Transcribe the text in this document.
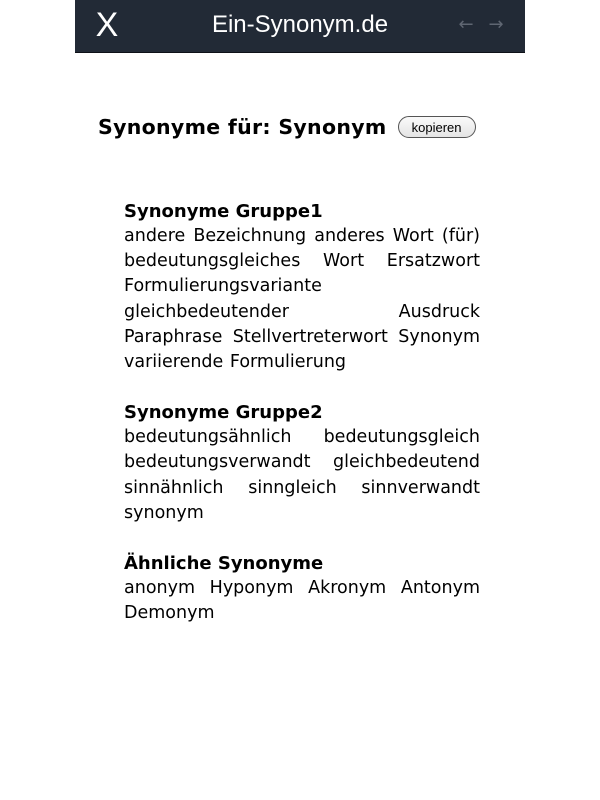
X	Ein-Synonym.de	← →
Synonyme für: Synonym kopieren
Synonyme Gruppe1
andere Bezeichnung anderes Wort (für) bedeutungsgleiches Wort Ersatzwort Formulierungsvariante gleichbedeutender Ausdruck Paraphrase Stellvertreterwort Synonym variierende Formulierung
Synonyme Gruppe2
bedeutungsähnlich bedeutungsgleich bedeutungsverwandt gleichbedeutend sinnähnlich sinngleich sinnverwandt synonym
Ähnliche Synonyme
anonym Hyponym Akronym Antonym Demonym
